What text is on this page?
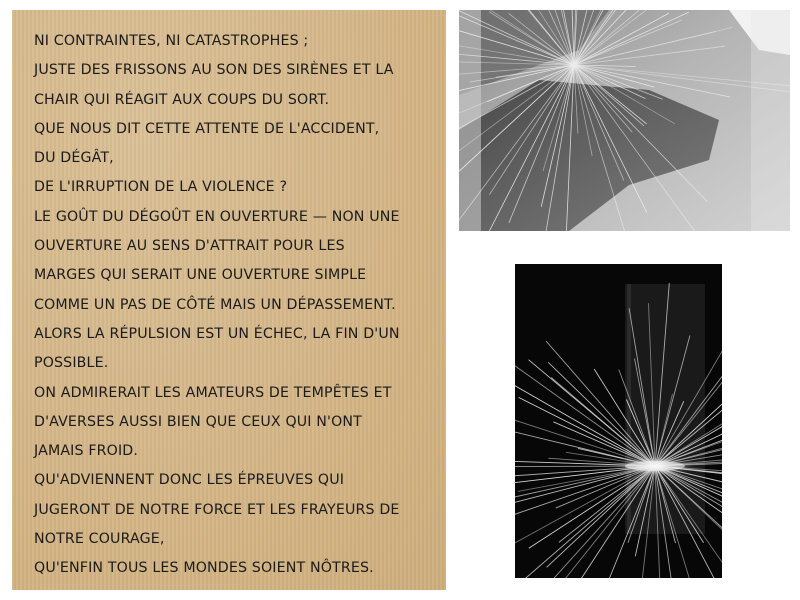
NI CONTRAINTES, NI CATASTROPHES ;
JUSTE DES FRISSONS AU SON DES SIRÈNES ET LA
CHAIR QUI RÉAGIT AUX COUPS DU SORT.
QUE NOUS DIT CETTE ATTENTE DE L'ACCIDENT,
DU DÉGÂT,
DE L'IRRUPTION DE LA VIOLENCE ?
LE GOÛT DU DÉGOÛT EN OUVERTURE — NON UNE
OUVERTURE AU SENS D'ATTRAIT POUR LES
MARGES QUI SERAIT UNE OUVERTURE SIMPLE
COMME UN PAS DE CÔTÉ MAIS UN DÉPASSEMENT.
ALORS LA RÉPULSION EST UN ÉCHEC, LA FIN D'UN
POSSIBLE.
ON ADMIRERAIT LES AMATEURS DE TEMPÊTES ET
D'AVERSES AUSSI BIEN QUE CEUX QUI N'ONT
JAMAIS FROID.
QU'ADVIENNENT DONC LES ÉPREUVES QUI
JUGERONT DE NOTRE FORCE ET LES FRAYEURS DE
NOTRE COURAGE,
QU'ENFIN TOUS LES MONDES SOIENT NÔTRES.
